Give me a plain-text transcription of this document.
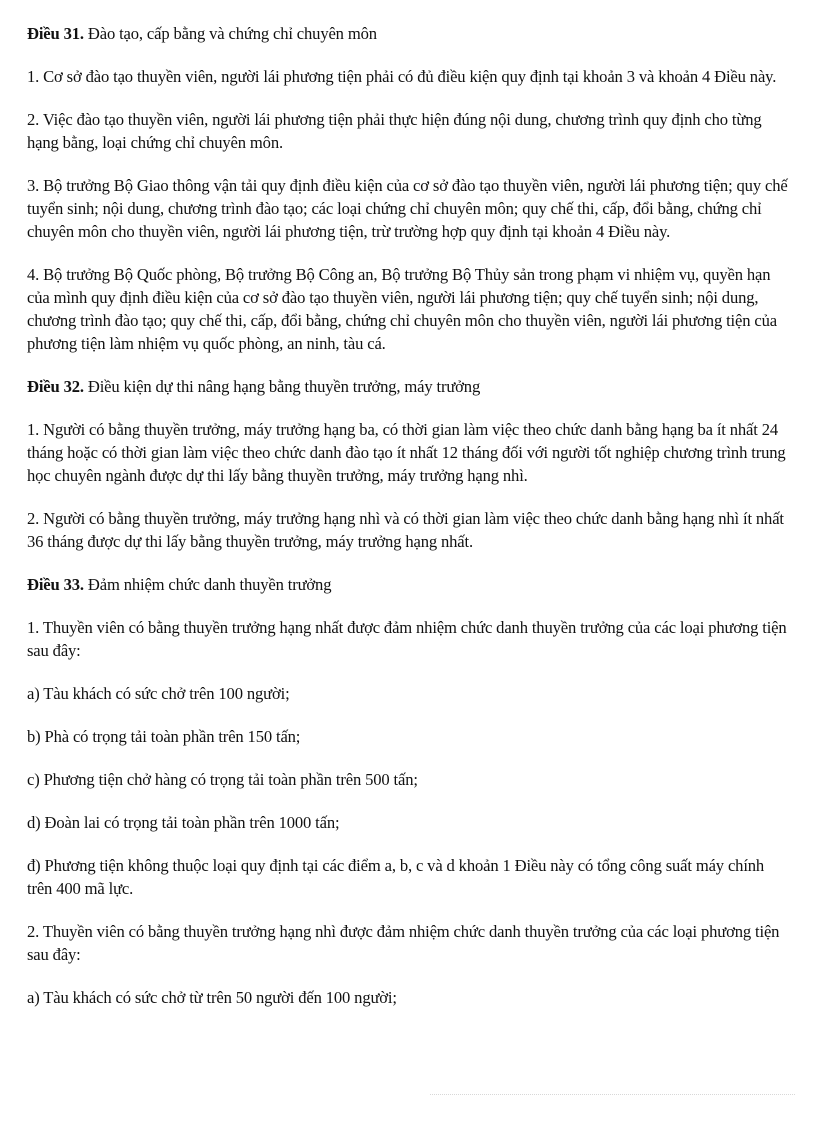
Điều 31. Đào tạo, cấp bằng và chứng chỉ chuyên môn

1. Cơ sở đào tạo thuyền viên, người lái phương tiện phải có đủ điều kiện quy định tại khoản 3 và khoản 4 Điều này.

2. Việc đào tạo thuyền viên, người lái phương tiện phải thực hiện đúng nội dung, chương trình quy định cho từng hạng bằng, loại chứng chỉ chuyên môn.

3. Bộ trưởng Bộ Giao thông vận tải quy định điều kiện của cơ sở đào tạo thuyền viên, người lái phương tiện; quy chế tuyển sinh; nội dung, chương trình đào tạo; các loại chứng chỉ chuyên môn; quy chế thi, cấp, đổi bằng, chứng chỉ chuyên môn cho thuyền viên, người lái phương tiện, trừ trường hợp quy định tại khoản 4 Điều này.

4. Bộ trưởng Bộ Quốc phòng, Bộ trưởng Bộ Công an, Bộ trưởng Bộ Thủy sản trong phạm vi nhiệm vụ, quyền hạn của mình quy định điều kiện của cơ sở đào tạo thuyền viên, người lái phương tiện; quy chế tuyển sinh; nội dung, chương trình đào tạo; quy chế thi, cấp, đổi bằng, chứng chỉ chuyên môn cho thuyền viên, người lái phương tiện của phương tiện làm nhiệm vụ quốc phòng, an ninh, tàu cá.

Điều 32. Điều kiện dự thi nâng hạng bằng thuyền trưởng, máy trưởng

1. Người có bằng thuyền trưởng, máy trưởng hạng ba, có thời gian làm việc theo chức danh bằng hạng ba ít nhất 24 tháng hoặc có thời gian làm việc theo chức danh đào tạo ít nhất 12 tháng đối với người tốt nghiệp chương trình trung học chuyên ngành được dự thi lấy bằng thuyền trưởng, máy trưởng hạng nhì.

2. Người có bằng thuyền trưởng, máy trưởng hạng nhì và có thời gian làm việc theo chức danh bằng hạng nhì ít nhất 36 tháng được dự thi lấy bằng thuyền trưởng, máy trưởng hạng nhất.

Điều 33. Đảm nhiệm chức danh thuyền trưởng

1. Thuyền viên có bằng thuyền trưởng hạng nhất được đảm nhiệm chức danh thuyền trưởng của các loại phương tiện sau đây:

a) Tàu khách có sức chở trên 100 người;

b) Phà có trọng tải toàn phần trên 150 tấn;

c) Phương tiện chở hàng có trọng tải toàn phần trên 500 tấn;

d) Đoàn lai có trọng tải toàn phần trên 1000 tấn;

đ) Phương tiện không thuộc loại quy định tại các điểm a, b, c và d khoản 1 Điều này có tổng công suất máy chính trên 400 mã lực.

2. Thuyền viên có bằng thuyền trưởng hạng nhì được đảm nhiệm chức danh thuyền trưởng của các loại phương tiện sau đây:

a) Tàu khách có sức chở từ trên 50 người đến 100 người;
